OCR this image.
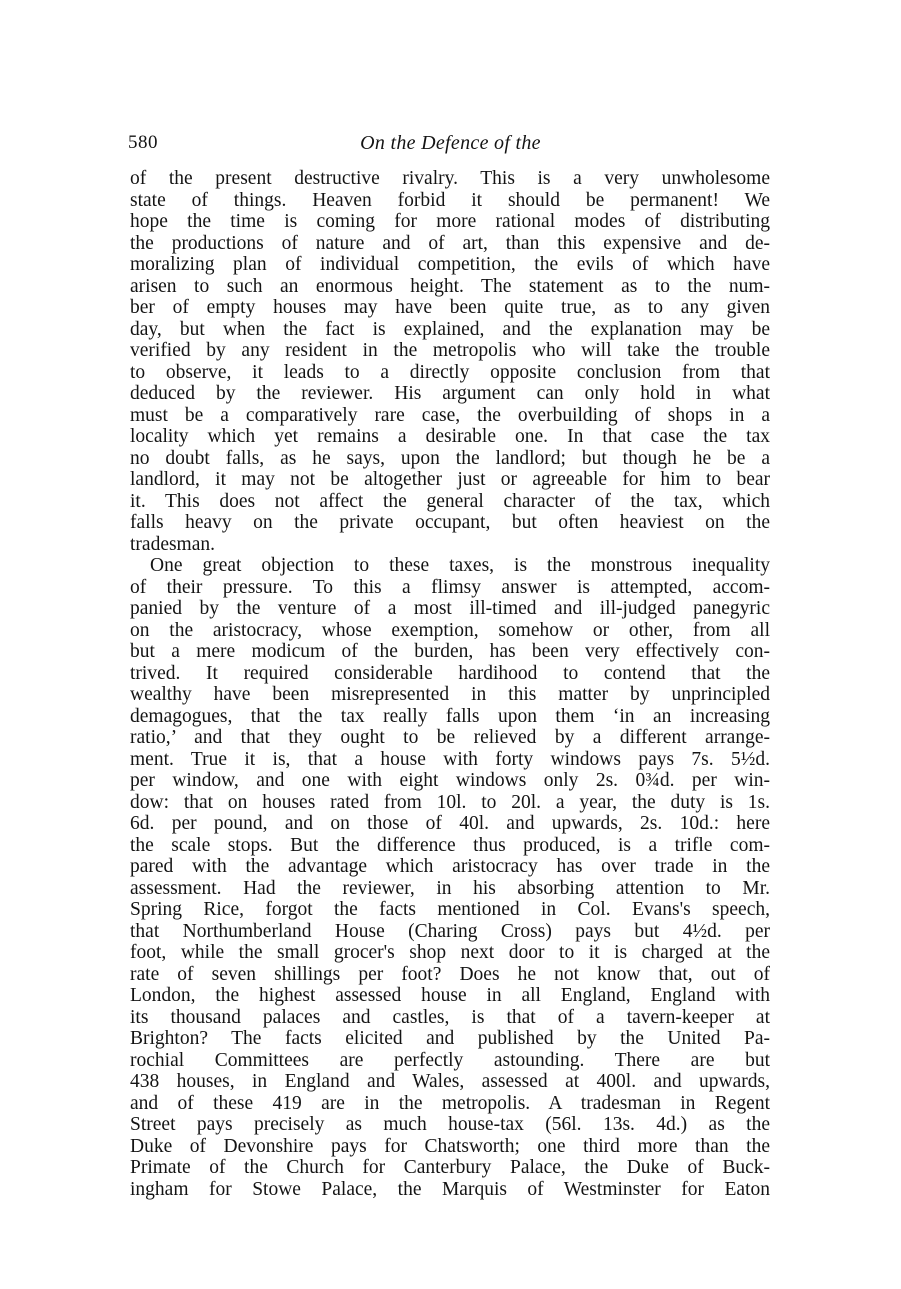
580	On the Defence of the
of the present destructive rivalry. This is a very unwholesome
state of things. Heaven forbid it should be permanent! We
hope the time is coming for more rational modes of distributing
the productions of nature and of art, than this expensive and de-
moralizing plan of individual competition, the evils of which have
arisen to such an enormous height. The statement as to the num-
ber of empty houses may have been quite true, as to any given
day, but when the fact is explained, and the explanation may be
verified by any resident in the metropolis who will take the trouble
to observe, it leads to a directly opposite conclusion from that
deduced by the reviewer. His argument can only hold in what
must be a comparatively rare case, the overbuilding of shops in a
locality which yet remains a desirable one. In that case the tax
no doubt falls, as he says, upon the landlord; but though he be a
landlord, it may not be altogether just or agreeable for him to bear
it. This does not affect the general character of the tax, which
falls heavy on the private occupant, but often heaviest on the
tradesman.
One great objection to these taxes, is the monstrous inequality
of their pressure. To this a flimsy answer is attempted, accom-
panied by the venture of a most ill-timed and ill-judged panegyric
on the aristocracy, whose exemption, somehow or other, from all
but a mere modicum of the burden, has been very effectively con-
trived. It required considerable hardihood to contend that the
wealthy have been misrepresented in this matter by unprincipled
demagogues, that the tax really falls upon them ‘in an increasing
ratio,’ and that they ought to be relieved by a different arrange-
ment. True it is, that a house with forty windows pays 7s. 5½d.
per window, and one with eight windows only 2s. 0¾d. per win-
dow: that on houses rated from 10l. to 20l. a year, the duty is 1s.
6d. per pound, and on those of 40l. and upwards, 2s. 10d.: here
the scale stops. But the difference thus produced, is a trifle com-
pared with the advantage which aristocracy has over trade in the
assessment. Had the reviewer, in his absorbing attention to Mr.
Spring Rice, forgot the facts mentioned in Col. Evans's speech,
that Northumberland House (Charing Cross) pays but 4½d. per
foot, while the small grocer's shop next door to it is charged at the
rate of seven shillings per foot? Does he not know that, out of
London, the highest assessed house in all England, England with
its thousand palaces and castles, is that of a tavern-keeper at
Brighton? The facts elicited and published by the United Pa-
rochial Committees are perfectly astounding. There are but
438 houses, in England and Wales, assessed at 400l. and upwards,
and of these 419 are in the metropolis. A tradesman in Regent
Street pays precisely as much house-tax (56l. 13s. 4d.) as the
Duke of Devonshire pays for Chatsworth; one third more than the
Primate of the Church for Canterbury Palace, the Duke of Buck-
ingham for Stowe Palace, the Marquis of Westminster for Eaton
